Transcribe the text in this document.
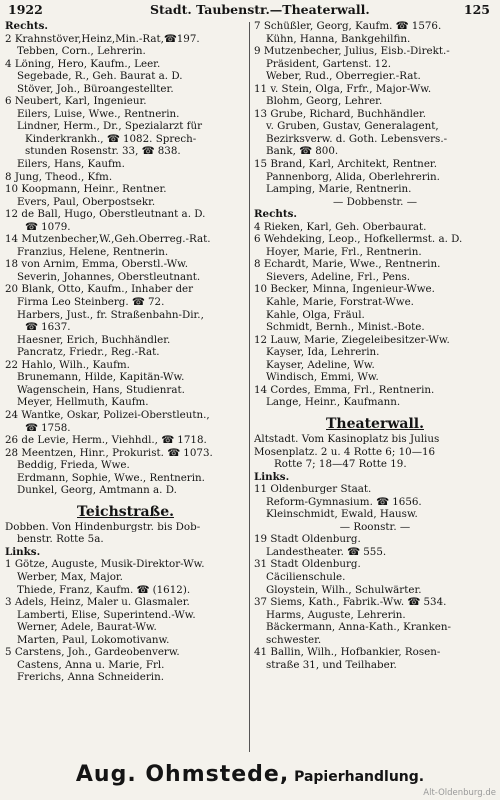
1922	Stadt. Taubenstr.—Theaterwall.	125
Rechts.
2 Krahnstöver,Heinz,Min.-Rat,☎197.
Tebben, Corn., Lehrerin.
4 Löning, Hero, Kaufm., Leer.
Segebade, R., Geh. Baurat a. D.
Stöver, Joh., Büroangestellter.
6 Neubert, Karl, Ingenieur.
Eilers, Luise, Wwe., Rentnerin.
Lindner, Herm., Dr., Spezialarzt für
Kinderkrankh., ☎ 1082. Sprech-
stunden Rosenstr. 33, ☎ 838.
Eilers, Hans, Kaufm.
8 Jung, Theod., Kfm.
10 Koopmann, Heinr., Rentner.
Evers, Paul, Oberpostsekr.
12 de Ball, Hugo, Oberstleutnant a. D.
☎ 1079.
14 Mutzenbecher,W.,Geh.Oberreg.-Rat.
Franzius, Helene, Rentnerin.
18 von Arnim, Emma, Oberstl.-Ww.
Severin, Johannes, Oberstleutnant.
20 Blank, Otto, Kaufm., Inhaber der
Firma Leo Steinberg. ☎ 72.
Harbers, Just., fr. Straßenbahn-Dir.,
☎ 1637.
Haesner, Erich, Buchhändler.
Pancratz, Friedr., Reg.-Rat.
22 Hahlo, Wilh., Kaufm.
Brunemann, Hilde, Kapitän-Ww.
Wagenschein, Hans, Studienrat.
Meyer, Hellmuth, Kaufm.
24 Wantke, Oskar, Polizei-Oberstleutn.,
☎ 1758.
26 de Levie, Herm., Viehhdl., ☎ 1718.
28 Meentzen, Hinr., Prokurist. ☎ 1073.
Beddig, Frieda, Wwe.
Erdmann, Sophie, Wwe., Rentnerin.
Dunkel, Georg, Amtmann a. D.
Teichstraße.
Dobben. Von Hindenburgstr. bis Dob-
benstr. Rotte 5a.
Links.
1 Götze, Auguste, Musik-Direktor-Ww.
Werber, Max, Major.
Thiede, Franz, Kaufm. ☎ (1612).
3 Adels, Heinz, Maler u. Glasmaler.
Lamberti, Elise, Superintend.-Ww.
Werner, Adele, Baurat-Ww.
Marten, Paul, Lokomotivanw.
5 Carstens, Joh., Gardeobenverw.
Castens, Anna u. Marie, Frl.
Frerichs, Anna Schneiderin.
7 Schüßler, Georg, Kaufm. ☎ 1576.
Kühn, Hanna, Bankgehilfin.
9 Mutzenbecher, Julius, Eisb.-Direkt.-
Präsident, Gartenst. 12.
Weber, Rud., Oberregier.-Rat.
11 v. Stein, Olga, Frfr., Major-Ww.
Blohm, Georg, Lehrer.
13 Grube, Richard, Buchhändler.
v. Gruben, Gustav, Generalagent,
Bezirksverw. d. Goth. Lebensvers.-
Bank, ☎ 800.
15 Brand, Karl, Architekt, Rentner.
Pannenborg, Alida, Oberlehrerin.
Lamping, Marie, Rentnerin.
— Dobbenstr. —
Rechts.
4 Rieken, Karl, Geh. Oberbaurat.
6 Wehdeking, Leop., Hofkellermst. a. D.
Hoyer, Marie, Frl., Rentnerin.
8 Echardt, Marie, Wwe., Rentnerin.
Sievers, Adeline, Frl., Pens.
10 Becker, Minna, Ingenieur-Wwe.
Kahle, Marie, Forstrat-Wwe.
Kahle, Olga, Fräul.
Schmidt, Bernh., Minist.-Bote.
12 Lauw, Marie, Ziegeleibesitzer-Ww.
Kayser, Ida, Lehrerin.
Kayser, Adeline, Ww.
Windisch, Emmi, Ww.
14 Cordes, Emma, Frl., Rentnerin.
Lange, Heinr., Kaufmann.
Theaterwall.
Altstadt. Vom Kasinoplatz bis Julius
Mosenplatz. 2 u. 4 Rotte 6; 10—16
Rotte 7; 18—47 Rotte 19.
Links.
11 Oldenburger Staat.
Reform-Gymnasium. ☎ 1656.
Kleinschmidt, Ewald, Hausw.
— Roonstr. —
19 Stadt Oldenburg.
Landestheater. ☎ 555.
31 Stadt Oldenburg.
Cäcilienschule.
Gloystein, Wilh., Schulwärter.
37 Siems, Kath., Fabrik.-Ww. ☎ 534.
Harms, Auguste, Lehrerin.
Bäckermann, Anna-Kath., Kranken-
schwester.
41 Ballin, Wilh., Hofbankier, Rosen-
straße 31, und Teilhaber.
Aug. Ohmstede, Papierhandlung.
Alt-Oldenburg.de
